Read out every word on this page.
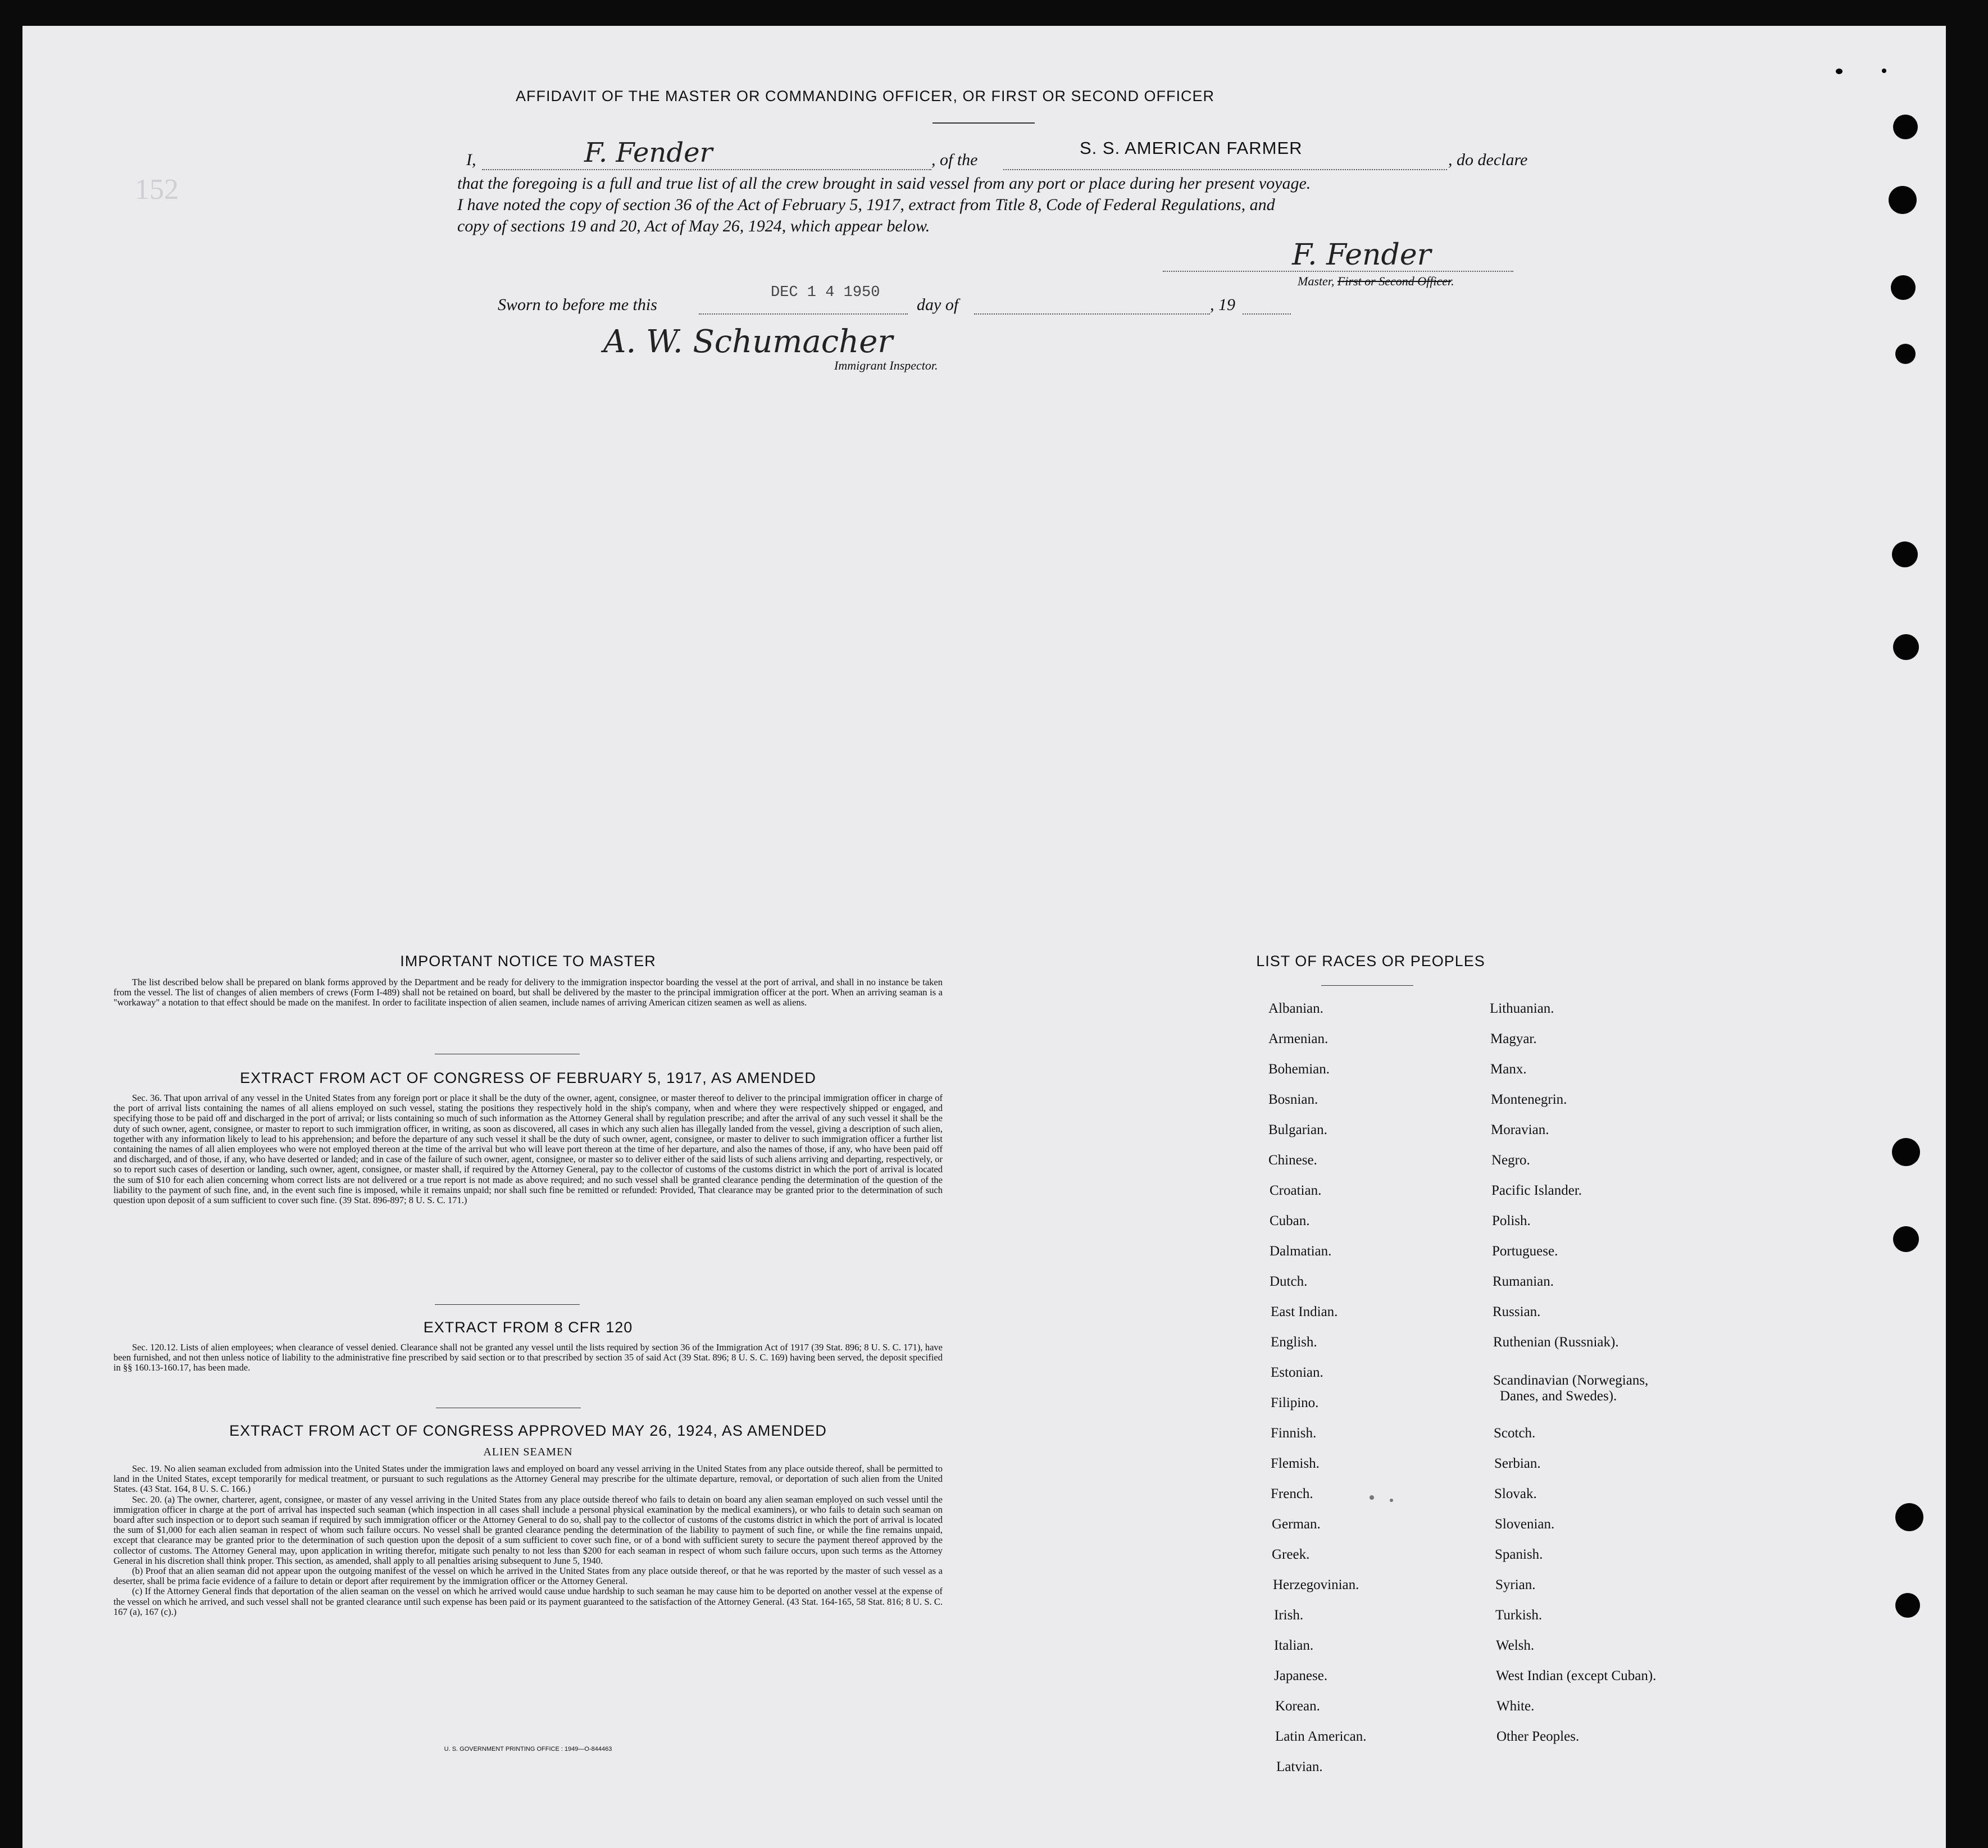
152
AFFIDAVIT OF THE MASTER OR COMMANDING OFFICER, OR FIRST OR SECOND OFFICER
I,	F. Fender	, of the
S. S. AMERICAN FARMER
, do declare
that the foregoing is a full and true list of all the crew brought in said vessel from any port or place during her present voyage.
I have noted the copy of section 36 of the Act of February 5, 1917, extract from Title 8, Code of Federal Regulations, and
copy of sections 19 and 20, Act of May 26, 1924, which appear below.
F. Fender
Master, First or Second Officer.
Sworn to before me this
DEC 1 4 1950
day of	, 19
A. W. Schumacher
Immigrant Inspector.
IMPORTANT NOTICE TO MASTER

The list described below shall be prepared on blank forms approved by the Department and be ready for delivery to the immigration inspector boarding the vessel at the port of arrival, and shall in no instance be taken from the vessel. The list of changes of alien members of crews (Form I-489) shall not be retained on board, but shall be delivered by the master to the principal immigration officer at the port. When an arriving seaman is a "workaway" a notation to that effect should be made on the manifest. In order to facilitate inspection of alien seamen, include names of arriving American citizen seamen as well as aliens.

EXTRACT FROM ACT OF CONGRESS OF FEBRUARY 5, 1917, AS AMENDED

Sec. 36. That upon arrival of any vessel in the United States from any foreign port or place it shall be the duty of the owner, agent, consignee, or master thereof to deliver to the principal immigration officer in charge of the port of arrival lists containing the names of all aliens employed on such vessel, stating the positions they respectively hold in the ship's company, when and where they were respectively shipped or engaged, and specifying those to be paid off and discharged in the port of arrival; or lists containing so much of such information as the Attorney General shall by regulation prescribe; and after the arrival of any such vessel it shall be the duty of such owner, agent, consignee, or master to report to such immigration officer, in writing, as soon as discovered, all cases in which any such alien has illegally landed from the vessel, giving a description of such alien, together with any information likely to lead to his apprehension; and before the departure of any such vessel it shall be the duty of such owner, agent, consignee, or master to deliver to such immigration officer a further list containing the names of all alien employees who were not employed thereon at the time of the arrival but who will leave port thereon at the time of her departure, and also the names of those, if any, who have been paid off and discharged, and of those, if any, who have deserted or landed; and in case of the failure of such owner, agent, consignee, or master so to deliver either of the said lists of such aliens arriving and departing, respectively, or so to report such cases of desertion or landing, such owner, agent, consignee, or master shall, if required by the Attorney General, pay to the collector of customs of the customs district in which the port of arrival is located the sum of $10 for each alien concerning whom correct lists are not delivered or a true report is not made as above required; and no such vessel shall be granted clearance pending the determination of the question of the liability to the payment of such fine, and, in the event such fine is imposed, while it remains unpaid; nor shall such fine be remitted or refunded: Provided, That clearance may be granted prior to the determination of such question upon deposit of a sum sufficient to cover such fine. (39 Stat. 896-897; 8 U. S. C. 171.)

EXTRACT FROM 8 CFR 120

Sec. 120.12. Lists of alien employees; when clearance of vessel denied. Clearance shall not be granted any vessel until the lists required by section 36 of the Immigration Act of 1917 (39 Stat. 896; 8 U. S. C. 171), have been furnished, and not then unless notice of liability to the administrative fine prescribed by said section or to that prescribed by section 35 of said Act (39 Stat. 896; 8 U. S. C. 169) having been served, the deposit specified in §§ 160.13-160.17, has been made.

EXTRACT FROM ACT OF CONGRESS APPROVED MAY 26, 1924, AS AMENDED
ALIEN SEAMEN

Sec. 19. No alien seaman excluded from admission into the United States under the immigration laws and employed on board any vessel arriving in the United States from any place outside thereof, shall be permitted to land in the United States, except temporarily for medical treatment, or pursuant to such regulations as the Attorney General may prescribe for the ultimate departure, removal, or deportation of such alien from the United States. (43 Stat. 164, 8 U. S. C. 166.)

Sec. 20. (a) The owner, charterer, agent, consignee, or master of any vessel arriving in the United States from any place outside thereof who fails to detain on board any alien seaman employed on such vessel until the immigration officer in charge at the port of arrival has inspected such seaman (which inspection in all cases shall include a personal physical examination by the medical examiners), or who fails to detain such seaman on board after such inspection or to deport such seaman if required by such immigration officer or the Attorney General to do so, shall pay to the collector of customs of the customs district in which the port of arrival is located the sum of $1,000 for each alien seaman in respect of whom such failure occurs. No vessel shall be granted clearance pending the determination of the liability to payment of such fine, or while the fine remains unpaid, except that clearance may be granted prior to the determination of such question upon the deposit of a sum sufficient to cover such fine, or of a bond with sufficient surety to secure the payment thereof approved by the collector of customs. The Attorney General may, upon application in writing therefor, mitigate such penalty to not less than $200 for each seaman in respect of whom such failure occurs, upon such terms as the Attorney General in his discretion shall think proper. This section, as amended, shall apply to all penalties arising subsequent to June 5, 1940.

(b) Proof that an alien seaman did not appear upon the outgoing manifest of the vessel on which he arrived in the United States from any place outside thereof, or that he was reported by the master of such vessel as a deserter, shall be prima facie evidence of a failure to detain or deport after requirement by the immigration officer or the Attorney General.

(c) If the Attorney General finds that deportation of the alien seaman on the vessel on which he arrived would cause undue hardship to such seaman he may cause him to be deported on another vessel at the expense of the vessel on which he arrived, and such vessel shall not be granted clearance until such expense has been paid or its payment guaranteed to the satisfaction of the Attorney General. (43 Stat. 164-165, 58 Stat. 816; 8 U. S. C. 167 (a), 167 (c).)

U. S. GOVERNMENT PRINTING OFFICE : 1949—O-844463
LIST OF RACES OR PEOPLES
Albanian.
Armenian.
Bohemian.
Bosnian.
Bulgarian.
Chinese.
Croatian.
Cuban.
Dalmatian.
Dutch.
East Indian.
English.
Estonian.
Filipino.
Finnish.
Flemish.
French.
German.
Greek.
Herzegovinian.
Irish.
Italian.
Japanese.
Korean.
Latin American.
Latvian.
Lithuanian.
Magyar.
Manx.
Montenegrin.
Moravian.
Negro.
Pacific Islander.
Polish.
Portuguese.
Rumanian.
Russian.
Ruthenian (Russniak).
Scandinavian (Norwegians,
Danes, and Swedes).
Scotch.
Serbian.
Slovak.
Slovenian.
Spanish.
Syrian.
Turkish.
Welsh.
West Indian (except Cuban).
White.
Other Peoples.
